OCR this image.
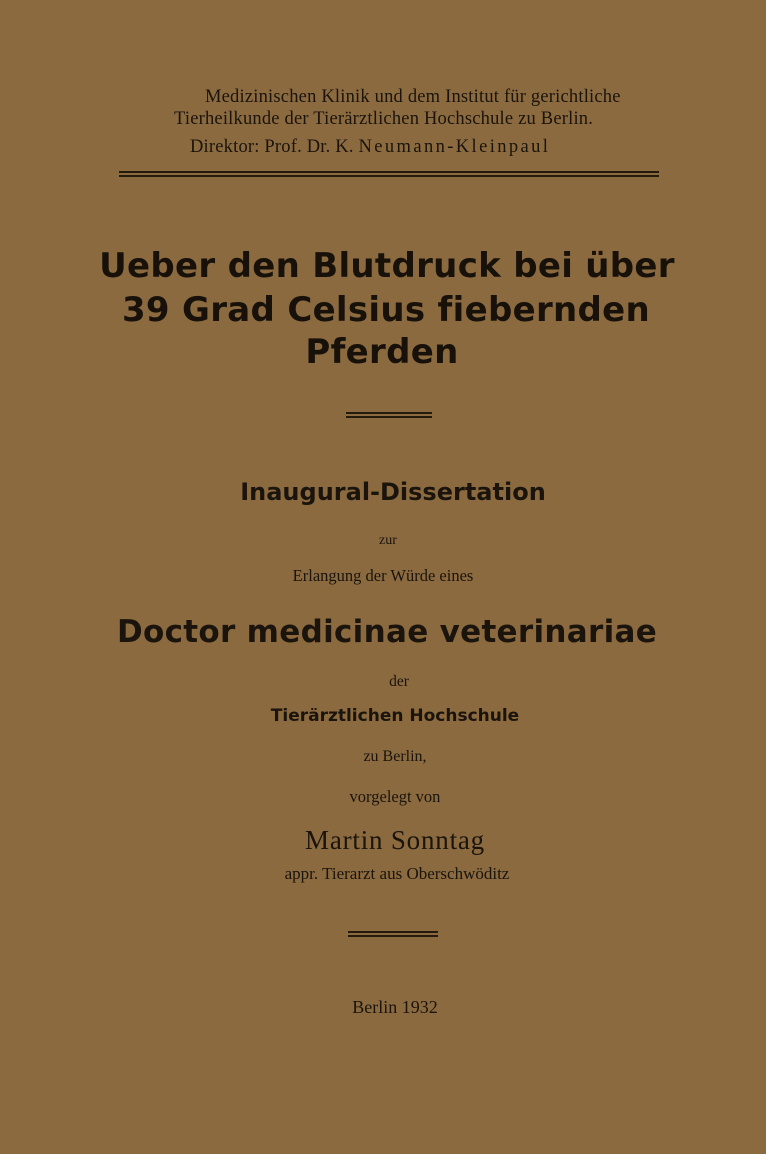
Medizinischen Klinik und dem Institut für gerichtliche
Tierheilkunde der Tierärztlichen Hochschule zu Berlin.
Direktor: Prof. Dr. K. Neumann-Kleinpaul
Ueber den Blutdruck bei über
39 Grad Celsius fiebernden
Pferden
Inaugural-Dissertation
zur
Erlangung der Würde eines
Doctor medicinae veterinariae
der
Tierärztlichen Hochschule
zu Berlin,
vorgelegt von
Martin Sonntag
appr. Tierarzt aus Oberschwöditz
Berlin 1932
